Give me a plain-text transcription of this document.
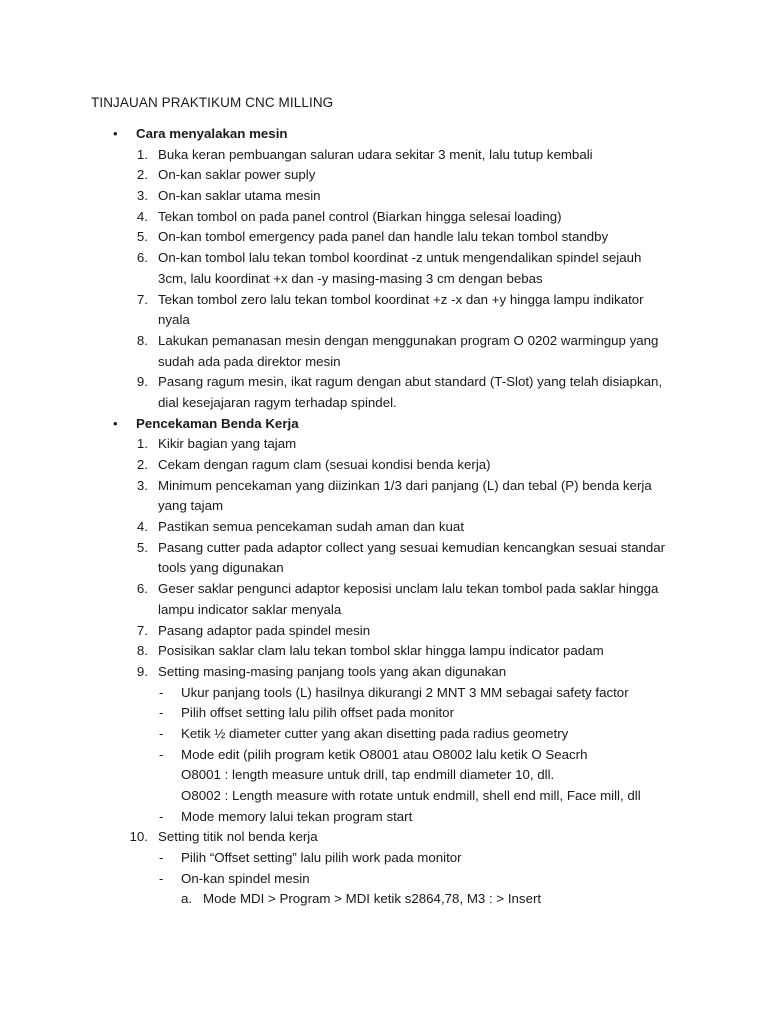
TINJAUAN PRAKTIKUM CNC MILLING
• Cara menyalakan mesin
1. Buka keran pembuangan saluran udara sekitar 3 menit, lalu tutup kembali
2. On-kan saklar power suply
3. On-kan saklar utama mesin
4. Tekan tombol on pada panel control (Biarkan hingga selesai loading)
5. On-kan tombol emergency pada panel dan handle lalu tekan tombol standby
6. On-kan tombol lalu tekan tombol koordinat -z untuk mengendalikan spindel sejauh
3cm, lalu koordinat +x dan -y masing-masing 3 cm dengan bebas
7. Tekan tombol zero lalu tekan tombol koordinat +z -x dan +y hingga lampu indikator
nyala
8. Lakukan pemanasan mesin dengan menggunakan program O 0202 warmingup yang
sudah ada pada direktor mesin
9. Pasang ragum mesin, ikat ragum dengan abut standard (T-Slot) yang telah disiapkan,
dial kesejajaran ragym terhadap spindel.
• Pencekaman Benda Kerja
1. Kikir bagian yang tajam
2. Cekam dengan ragum clam (sesuai kondisi benda kerja)
3. Minimum pencekaman yang diizinkan 1/3 dari panjang (L) dan tebal (P) benda kerja
yang tajam
4. Pastikan semua pencekaman sudah aman dan kuat
5. Pasang cutter pada adaptor collect yang sesuai kemudian kencangkan sesuai standar
tools yang digunakan
6. Geser saklar pengunci adaptor keposisi unclam lalu tekan tombol pada saklar hingga
lampu indicator saklar menyala
7. Pasang adaptor pada spindel mesin
8. Posisikan saklar clam lalu tekan tombol sklar hingga lampu indicator padam
9. Setting masing-masing panjang tools yang akan digunakan
- Ukur panjang tools (L) hasilnya dikurangi 2 MNT 3 MM sebagai safety factor
- Pilih offset setting lalu pilih offset pada monitor
- Ketik ½ diameter cutter yang akan disetting pada radius geometry
- Mode edit (pilih program ketik O8001 atau O8002 lalu ketik O Seacrh
O8001 : length measure untuk drill, tap endmill diameter 10, dll.
O8002 : Length measure with rotate untuk endmill, shell end mill, Face mill, dll
- Mode memory lalui tekan program start
10. Setting titik nol benda kerja
- Pilih “Offset setting” lalu pilih work pada monitor
- On-kan spindel mesin
a. Mode MDI > Program > MDI ketik s2864,78, M3 : > Insert
